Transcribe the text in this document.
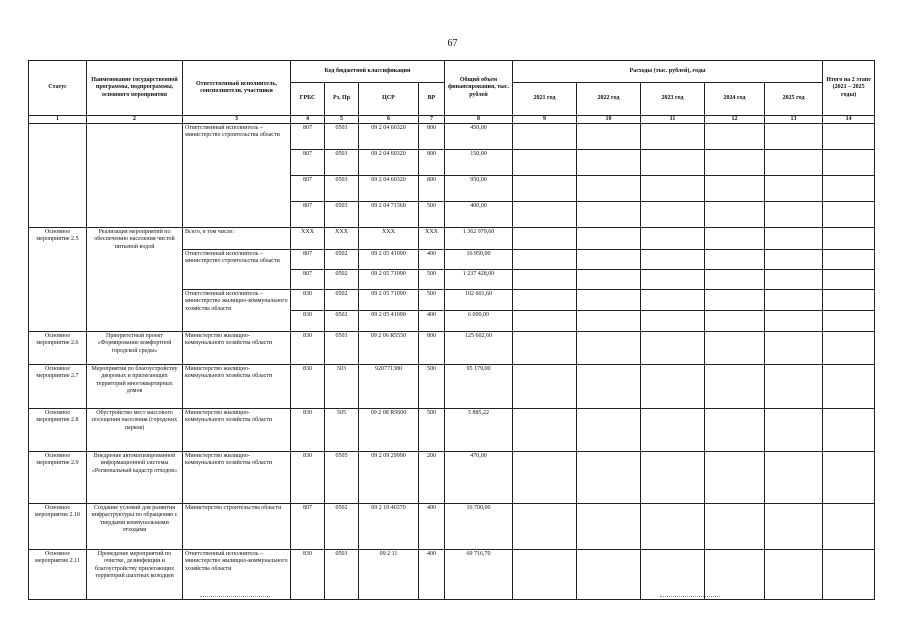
67
Статус	Наименование государственной программы, подпрограммы, основного мероприятия	Ответственный исполнитель, соисполнители, участники	Код бюджетной классификации				Общий объем финансирования, тыс. рублей	Расходы (тыс. рублей), годы					Итого на 2 этапе (2021 – 2025 годы)
			ГРБС	Рз, Пр	ЦСР	ВР		2021 год	2022 год	2023 год	2024 год	2025 год	
1	2	3	4	5	6	7	8	9	10	11	12	13	14
		Ответственный исполнитель – министерство строительства области	807	0503	09 2 04 60320	800	450,00						
			807	0503	09 2 04 60320	800	150,00						
			807	0503	09 2 04 60320	800	950,00						
			807	0503	09 2 04 71360	500	400,00						
Основное мероприятие 2.5	Реализация мероприятий по обеспечению населения чистой питьевой водой	Всего, в том числе:	ХХХ	ХХХ	ХХХ	ХХХ	1 362 979,60						
		Ответственный исполнитель – министерство строительства области	807	0502	09 2 05 41090	400	16 950,00						
			807	0502	09 2 05 71090	500	1 237 428,00						
		Ответственный исполнитель – министерство жилищно-коммунального хозяйства области	830	0502	09 2 05 71090	500	102 601,60						
			830	0502	09 2 05 41090	400	6 000,00						
Основное мероприятие 2.6	Приоритетный проект «Формирование комфортной городской среды»	Министерство жилищно-коммунального хозяйства области	830	0503	09 2 06 R5550	800	125 602,60						
Основное мероприятие 2.7	Мероприятия по благоустройству дворовых и прилегающих территорий многоквартирных домов	Министерство жилищно-коммунального хозяйства области	830	503	920771380	500	95 179,00						
Основное мероприятие 2.8	Обустройство мест массового посещения населения (городских парков)	Министерство жилищно-коммунального хозяйства области	830	505	09 2 08 R5600	500	5 885,22						
Основное мероприятие 2.9	Внедрение автоматизированной информационной системы «Региональный кадастр отходов»	Министерство жилищно-коммунального хозяйства области	830	0505	09 2 09 29990	200	470,00						
Основное мероприятие 2.10	Создание условий для развития инфраструктуры по обращению с твердыми коммунальными отходами	Министерство строительства области	807	0502	09 2 10 40370	400	16 700,00						
Основное мероприятие 2.11	Проведение мероприятий по очистке, дезинфекции и благоустройству прилегающих территорий шахтных колодцев	Ответственный исполнитель – министерство жилищно-коммунального хозяйства области	830	0503	09 2 11	400	69 716,70						
